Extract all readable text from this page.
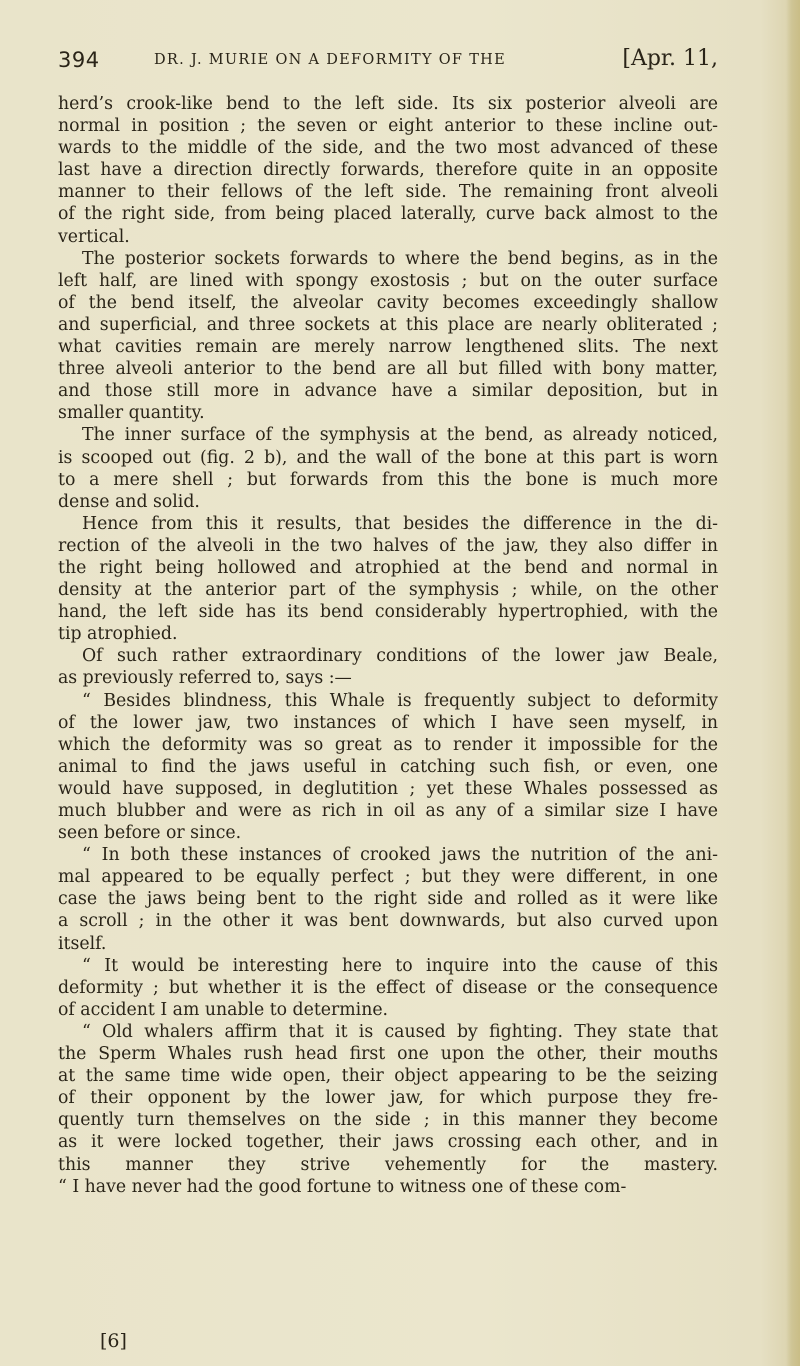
394	DR. J. MURIE ON A DEFORMITY OF THE	[Apr. 11,
herd’s crook-like bend to the left side. Its six posterior alveoli are
normal in position ; the seven or eight anterior to these incline out-
wards to the middle of the side, and the two most advanced of these
last have a direction directly forwards, therefore quite in an opposite
manner to their fellows of the left side. The remaining front alveoli
of the right side, from being placed laterally, curve back almost to the
vertical.
The posterior sockets forwards to where the bend begins, as in the
left half, are lined with spongy exostosis ; but on the outer surface
of the bend itself, the alveolar cavity becomes exceedingly shallow
and superficial, and three sockets at this place are nearly obliterated ;
what cavities remain are merely narrow lengthened slits. The next
three alveoli anterior to the bend are all but filled with bony matter,
and those still more in advance have a similar deposition, but in
smaller quantity.
The inner surface of the symphysis at the bend, as already noticed,
is scooped out (fig. 2 b), and the wall of the bone at this part is worn
to a mere shell ; but forwards from this the bone is much more
dense and solid.
Hence from this it results, that besides the difference in the di-
rection of the alveoli in the two halves of the jaw, they also differ in
the right being hollowed and atrophied at the bend and normal in
density at the anterior part of the symphysis ; while, on the other
hand, the left side has its bend considerably hypertrophied, with the
tip atrophied.
Of such rather extraordinary conditions of the lower jaw Beale,
as previously referred to, says :—
“ Besides blindness, this Whale is frequently subject to deformity
of the lower jaw, two instances of which I have seen myself, in
which the deformity was so great as to render it impossible for the
animal to find the jaws useful in catching such fish, or even, one
would have supposed, in deglutition ; yet these Whales possessed as
much blubber and were as rich in oil as any of a similar size I have
seen before or since.
“ In both these instances of crooked jaws the nutrition of the ani-
mal appeared to be equally perfect ; but they were different, in one
case the jaws being bent to the right side and rolled as it were like
a scroll ; in the other it was bent downwards, but also curved upon
itself.
“ It would be interesting here to inquire into the cause of this
deformity ; but whether it is the effect of disease or the consequence
of accident I am unable to determine.
“ Old whalers affirm that it is caused by fighting. They state that
the Sperm Whales rush head first one upon the other, their mouths
at the same time wide open, their object appearing to be the seizing
of their opponent by the lower jaw, for which purpose they fre-
quently turn themselves on the side ; in this manner they become
as it were locked together, their jaws crossing each other, and in
this manner they strive vehemently for the mastery.
“ I have never had the good fortune to witness one of these com-
[6]
